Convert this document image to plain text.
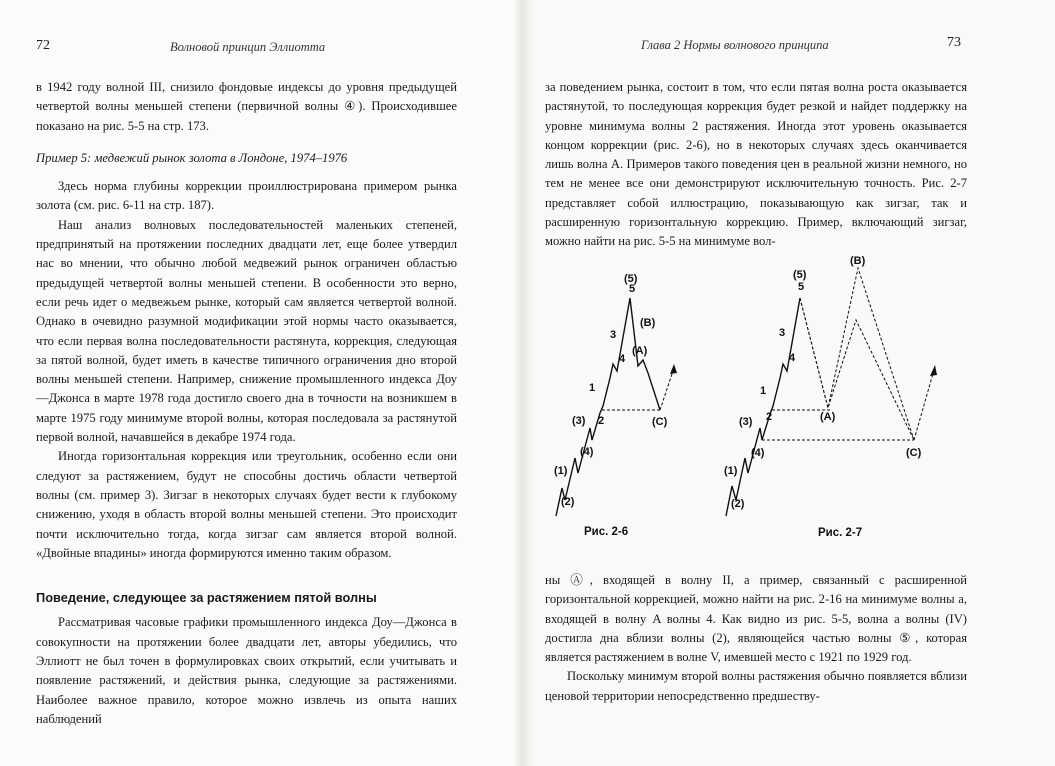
72	Волновой принцип Эллиотта	Глава 2 Нормы волнового принципа	73

в 1942 году волной III, снизило фондовые индексы до уровня предыдущей четвертой волны меньшей степени (первичной волны ④). Происходившее показано на рис. 5-5 на стр. 173.

Пример 5: медвежий рынок золота в Лондоне, 1974–1976

Здесь норма глубины коррекции проиллюстрирована примером рынка золота (см. рис. 6-11 на стр. 187).

Наш анализ волновых последовательностей маленьких степеней, предпринятый на протяжении последних двадцати лет, еще более утвердил нас во мнении, что обычно любой медвежий рынок ограничен областью предыдущей четвертой волны меньшей степени. В особенности это верно, если речь идет о медвежьем рынке, который сам является четвертой волной. Однако в очевидно разумной модификации этой нормы часто оказывается, что если первая волна последовательности растянута, коррекция, следующая за пятой волной, будет иметь в качестве типичного ограничения дно второй волны меньшей степени. Например, снижение промышленного индекса Доу—Джонса в марте 1978 года достигло своего дна в точности на возникшем в марте 1975 году минимуме второй волны, которая последовала за растянутой первой волной, начавшейся в декабре 1974 года.

Иногда горизонтальная коррекция или треугольник, особенно если они следуют за растяжением, будут не способны достичь области четвертой волны (см. пример 3). Зигзаг в некоторых случаях будет вести к глубокому снижению, уходя в область второй волны меньшей степени. Это происходит почти исключительно тогда, когда зигзаг сам является второй волной. «Двойные впадины» иногда формируются именно таким образом.

Поведение, следующее за растяжением пятой волны

Рассматривая часовые графики промышленного индекса Доу—Джонса в совокупности на протяжении более двадцати лет, авторы убедились, что Эллиотт не был точен в формулировках своих открытий, если учитывать и появление растяжений, и действия рынка, следующие за растяжениями. Наиболее важное правило, которое можно извлечь из опыта наших наблюдений

за поведением рынка, состоит в том, что если пятая волна роста оказывается растянутой, то последующая коррекция будет резкой и найдет поддержку на уровне минимума волны 2 растяжения. Иногда этот уровень оказывается концом коррекции (рис. 2-6), но в некоторых случаях здесь оканчивается лишь волна A. Примеров такого поведения цен в реальной жизни немного, но тем не менее все они демонстрируют исключительную точность. Рис. 2-7 представляет собой иллюстрацию, показывающую как зигзаг, так и расширенную горизонтальную коррекцию. Пример, включающий зигзаг, можно найти на рис. 5-5 на минимуме вол-

(5)
5
(B)
3
(A)
4
1
(3) 2	(C)
(4)
(1)
(2)
Рис. 2-6
(B)
(5)
5
3
4
1
(3) 2	(A)
(4)	(C)
(1)
(2)
Рис. 2-7

ны Ⓐ, входящей в волну II, а пример, связанный с расширенной горизонтальной коррекцией, можно найти на рис. 2-16 на минимуме волны a, входящей в волну A волны 4. Как видно из рис. 5-5, волна a волны (IV) достигла дна вблизи волны (2), являющейся частью волны ⑤, которая является растяжением в волне V, имевшей место с 1921 по 1929 год.

Поскольку минимум второй волны растяжения обычно появляется вблизи ценовой территории непосредственно предшеству-
